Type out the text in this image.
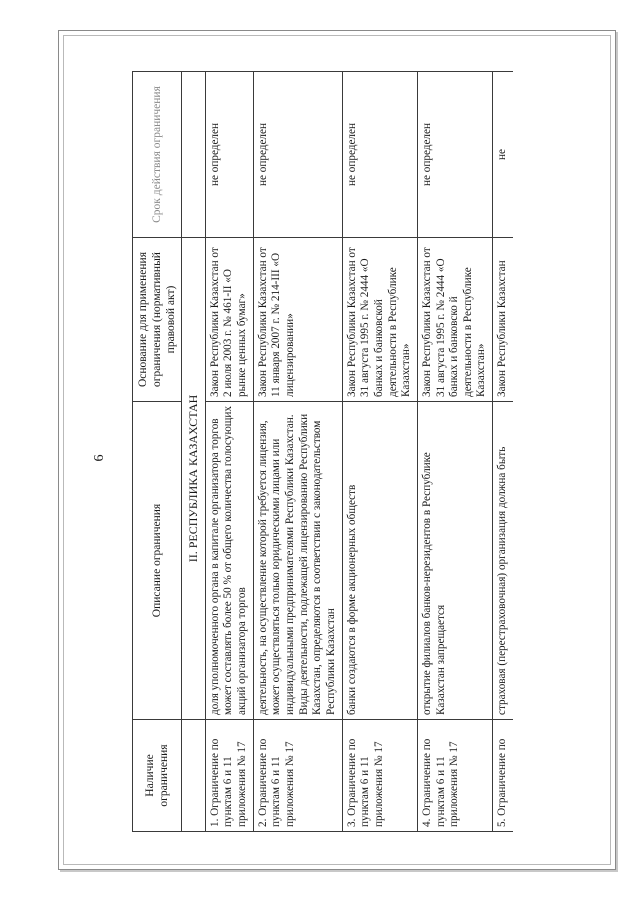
6
Наличие ограничения	Описание ограничения	Основание для применения ограничения (нормативный правовой акт)	Срок действия ограничения
	II. РЕСПУБЛИКА КАЗАХСТАН		
1. Ограничение по пунктам 6 и 11 приложения № 17	доля уполномоченного органа в капитале организатора торгов может составлять более 50 % от общего количества голосующих акций организатора торгов	Закон Республики Казахстан от 2 июля 2003 г. № 461-II «О рынке ценных бумаг»	не определен
2. Ограничение по пунктам 6 и 11 приложения № 17	деятельность, на осуществление которой требуется лицензия, может осуществляться только юридическими лицами или индивидуальными предпринимателями Республики Казахстан. Виды деятельности, подлежащей лицензированию Республики Казахстан, определяются в соответствии с законодательством Республики Казахстан	Закон Республики Казахстан от 11 января 2007 г. № 214-III «О лицензировании»	не определен
3. Ограничение по пунктам 6 и 11 приложения № 17	банки создаются в форме акционерных обществ	Закон Республики Казахстан от 31 августа 1995 г. № 2444 «О банках и банковской деятельности в Республике Казахстан»	не определен
4. Ограничение по пунктам 6 и 11 приложения № 17	открытие филиалов банков-нерезидентов в Республике Казахстан запрещается	Закон Республики Казахстан от 31 августа 1995 г. № 2444 «О банках и банковско й деятельности в Республике Казахстан»	не определен
5. Ограничение по	страховая (перестраховочная) организация должна быть	Закон Республики Казахстан	не
